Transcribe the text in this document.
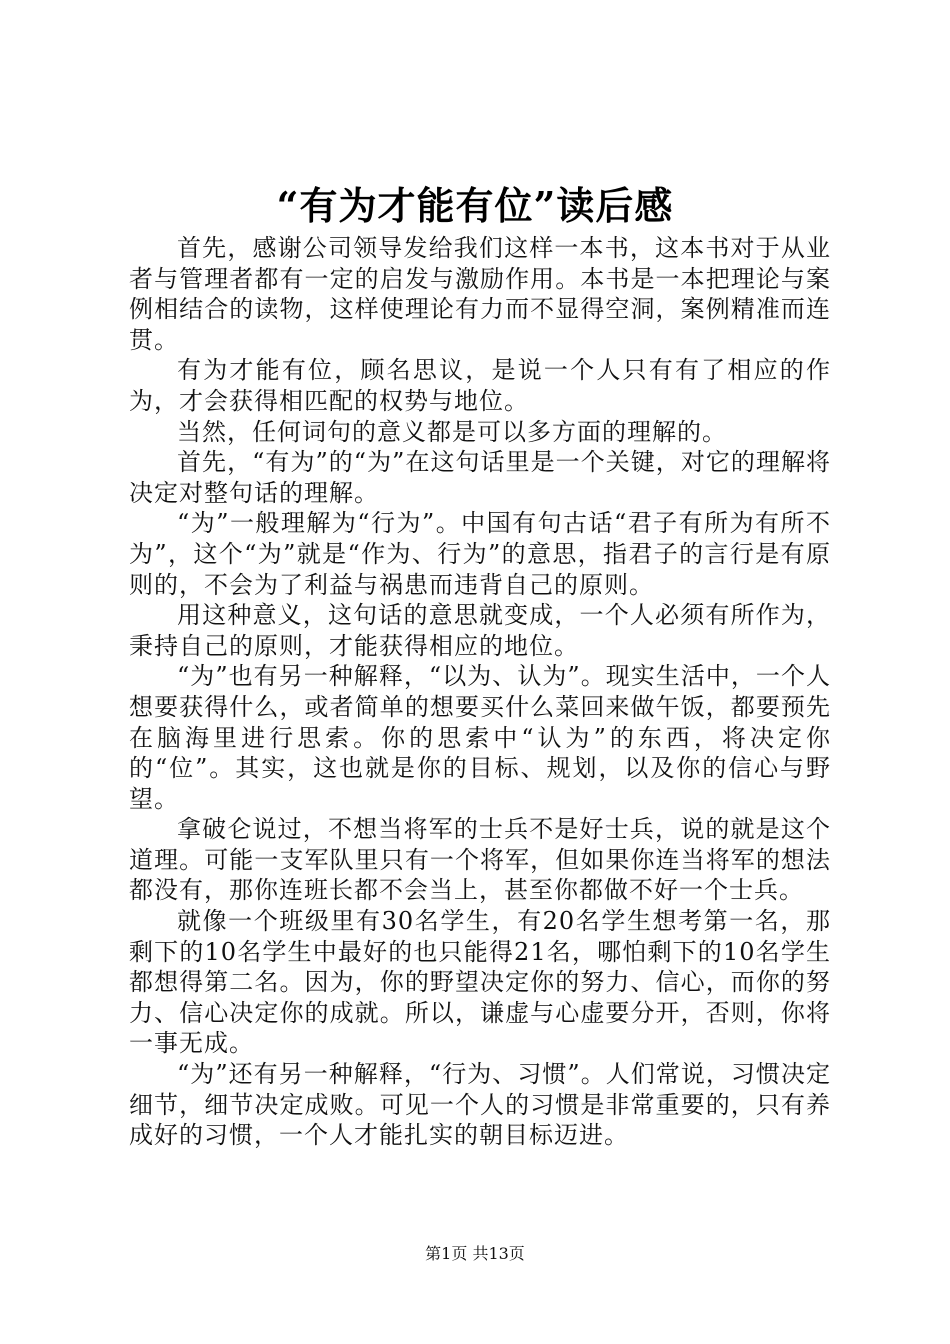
“有为才能有位”读后感

首先，感谢公司领导发给我们这样一本书，这本书对于从业者与管理者都有一定的启发与激励作用。本书是一本把理论与案例相结合的读物，这样使理论有力而不显得空洞，案例精准而连贯。

有为才能有位，顾名思议，是说一个人只有有了相应的作为，才会获得相匹配的权势与地位。

当然，任何词句的意义都是可以多方面的理解的。

首先，“有为”的“为”在这句话里是一个关键，对它的理解将决定对整句话的理解。

“为”一般理解为“行为”。中国有句古话“君子有所为有所不为”，这个“为”就是“作为、行为”的意思，指君子的言行是有原则的，不会为了利益与祸患而违背自己的原则。

用这种意义，这句话的意思就变成，一个人必须有所作为，秉持自己的原则，才能获得相应的地位。

“为”也有另一种解释，“以为、认为”。现实生活中，一个人想要获得什么，或者简单的想要买什么菜回来做午饭，都要预先在脑海里进行思索。你的思索中“认为”的东西，将决定你的“位”。其实，这也就是你的目标、规划，以及你的信心与野望。

拿破仑说过，不想当将军的士兵不是好士兵，说的就是这个道理。可能一支军队里只有一个将军，但如果你连当将军的想法都没有，那你连班长都不会当上，甚至你都做不好一个士兵。

就像一个班级里有30名学生，有20名学生想考第一名，那剩下的10名学生中最好的也只能得21名，哪怕剩下的10名学生都想得第二名。因为，你的野望决定你的努力、信心，而你的努力、信心决定你的成就。所以，谦虚与心虚要分开，否则，你将一事无成。

“为”还有另一种解释，“行为、习惯”。人们常说，习惯决定细节，细节决定成败。可见一个人的习惯是非常重要的，只有养成好的习惯，一个人才能扎实的朝目标迈进。

第1页 共13页
